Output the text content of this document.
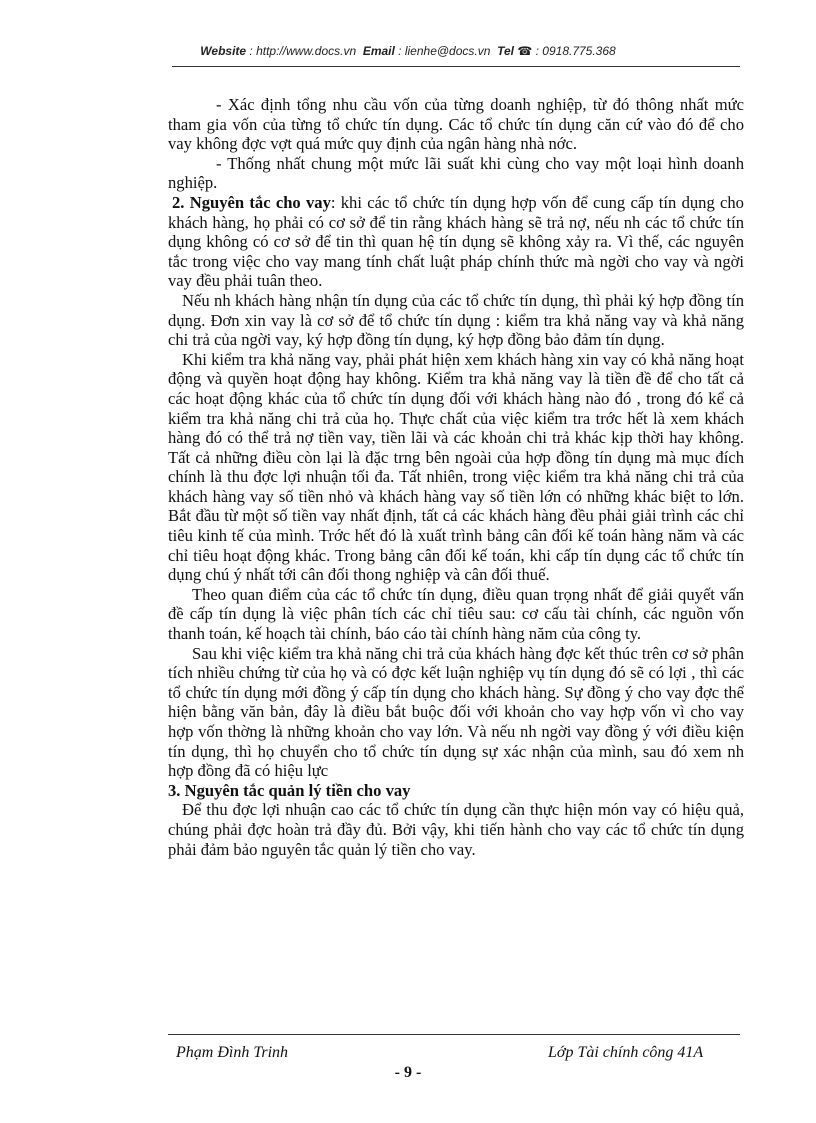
Website : http://www.docs.vn Email : lienhe@docs.vn Tel ☎ : 0918.775.368

- Xác định tổng nhu cầu vốn của từng doanh nghiệp, từ đó thông nhất mức tham gia vốn của từng tổ chức tín dụng. Các tổ chức tín dụng căn cứ vào đó để cho vay không đợc vợt quá mức quy định của ngân hàng nhà nớc.

- Thống nhất chung một mức lãi suất khi cùng cho vay một loại hình doanh nghiệp.

2. Nguyên tắc cho vay: khi các tổ chức tín dụng hợp vốn để cung cấp tín dụng cho khách hàng, họ phải có cơ sở để tin rằng khách hàng sẽ trả nợ, nếu nh các tổ chức tín dụng không có cơ sở để tin thì quan hệ tín dụng sẽ không xảy ra. Vì thế, các nguyên tắc trong việc cho vay mang tính chất luật pháp chính thức mà ngời cho vay và ngời vay đều phải tuân theo.

Nếu nh khách hàng nhận tín dụng của các tổ chức tín dụng, thì phải ký hợp đồng tín dụng. Đơn xin vay là cơ sở để tổ chức tín dụng : kiểm tra khả năng vay và khả năng chi trả của ngời vay, ký hợp đồng tín dụng, ký hợp đồng bảo đảm tín dụng.

Khi kiểm tra khả năng vay, phải phát hiện xem khách hàng xin vay có khả năng hoạt động và quyền hoạt động hay không. Kiểm tra khả năng vay là tiền đề để cho tất cả các hoạt động khác của tổ chức tín dụng đối với khách hàng nào đó , trong đó kể cả kiểm tra khả năng chi trả của họ. Thực chất của việc kiểm tra trớc hết là xem khách hàng đó có thể trả nợ tiền vay, tiền lãi và các khoản chi trả khác kịp thời hay không. Tất cả những điều còn lại là đặc trng bên ngoài của hợp đồng tín dụng mà mục đích chính là thu đợc lợi nhuận tối đa. Tất nhiên, trong việc kiểm tra khả năng chi trả của khách hàng vay số tiền nhỏ và khách hàng vay số tiền lớn có những khác biệt to lớn. Bắt đầu từ một số tiền vay nhất định, tất cả các khách hàng đều phải giải trình các chỉ tiêu kinh tế của mình. Trớc hết đó là xuất trình bảng cân đối kế toán hàng năm và các chỉ tiêu hoạt động khác. Trong bảng cân đối kế toán, khi cấp tín dụng các tổ chức tín dụng chú ý nhất tới cân đối thong nghiệp và cân đối thuế.

Theo quan điểm của các tổ chức tín dụng, điều quan trọng nhất để giải quyết vấn đề cấp tín dụng là việc phân tích các chỉ tiêu sau: cơ cấu tài chính, các nguồn vốn thanh toán, kế hoạch tài chính, báo cáo tài chính hàng năm của công ty.

Sau khi việc kiểm tra khả năng chi trả của khách hàng đợc kết thúc trên cơ sở phân tích nhiều chứng từ của họ và có đợc kết luận nghiệp vụ tín dụng đó sẽ có lợi , thì các tổ chức tín dụng mới đồng ý cấp tín dụng cho khách hàng. Sự đồng ý cho vay đợc thể hiện bằng văn bản, đây là điều bắt buộc đối với khoản cho vay hợp vốn vì cho vay hợp vốn thờng là những khoản cho vay lớn. Và nếu nh ngời vay đồng ý với điều kiện tín dụng, thì họ chuyển cho tổ chức tín dụng sự xác nhận của mình, sau đó xem nh hợp đồng đã có hiệu lực

3. Nguyên tắc quản lý tiền cho vay

Để thu đợc lợi nhuận cao các tổ chức tín dụng cần thực hiện món vay có hiệu quả, chúng phải đợc hoàn trả đầy đủ. Bởi vậy, khi tiến hành cho vay các tổ chức tín dụng phải đảm bảo nguyên tắc quản lý tiền cho vay.

Phạm Đình Trinh	Lớp Tài chính công 41A
- 9 -
